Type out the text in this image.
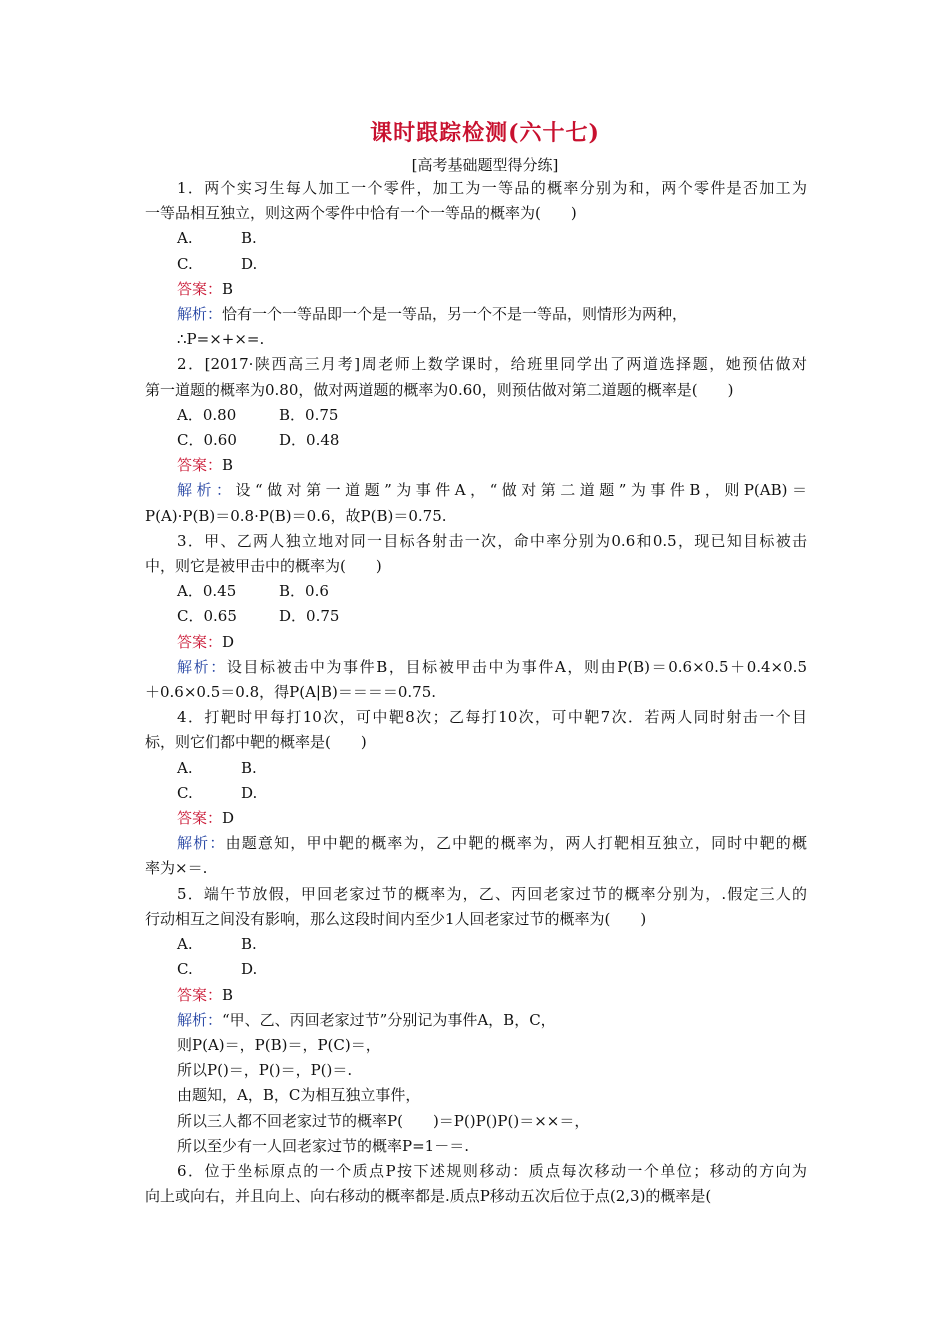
课时跟踪检测(六十七)
[高考基础题型得分练]
1．两个实习生每人加工一个零件，加工为一等品的概率分别为和，两个零件是否加工为
一等品相互独立，则这两个零件中恰有一个一等品的概率为(　　)
A.	B.
C.	D.
答案：B
解析：恰有一个一等品即一个是一等品，另一个不是一等品，则情形为两种，
∴P=×+×=.
2．[2017·陕西高三月考]周老师上数学课时，给班里同学出了两道选择题，她预估做对
第一道题的概率为0.80，做对两道题的概率为0.60，则预估做对第二道题的概率是(　　)
A．0.80	B．0.75
C．0.60	D．0.48
答案：B
解析：设“做对第一道题”为事件A，“做对第二道题”为事件B，则P(AB)＝
P(A)·P(B)＝0.8·P(B)＝0.6，故P(B)＝0.75.
3．甲、乙两人独立地对同一目标各射击一次，命中率分别为0.6和0.5，现已知目标被击
中，则它是被甲击中的概率为(　　)
A．0.45	B．0.6
C．0.65	D．0.75
答案：D
解析：设目标被击中为事件B，目标被甲击中为事件A，则由P(B)＝0.6×0.5＋0.4×0.5
＋0.6×0.5＝0.8，得P(A|B)＝＝＝＝0.75.
4．打靶时甲每打10次，可中靶8次；乙每打10次，可中靶7次．若两人同时射击一个目
标，则它们都中靶的概率是(　　)
A.	B.
C.	D.
答案：D
解析：由题意知，甲中靶的概率为，乙中靶的概率为，两人打靶相互独立，同时中靶的概
率为×＝.
5．端午节放假，甲回老家过节的概率为，乙、丙回老家过节的概率分别为，.假定三人的
行动相互之间没有影响，那么这段时间内至少1人回老家过节的概率为(　　)
A.	B.
C.	D.
答案：B
解析：“甲、乙、丙回老家过节”分别记为事件A，B，C，
则P(A)＝，P(B)＝，P(C)＝，
所以P()＝，P()＝，P()＝.
由题知，A，B，C为相互独立事件，
所以三人都不回老家过节的概率P(　　)＝P()P()P()＝××＝，
所以至少有一人回老家过节的概率P=1－＝.
6．位于坐标原点的一个质点P按下述规则移动：质点每次移动一个单位；移动的方向为
向上或向右，并且向上、向右移动的概率都是.质点P移动五次后位于点(2,3)的概率是(
